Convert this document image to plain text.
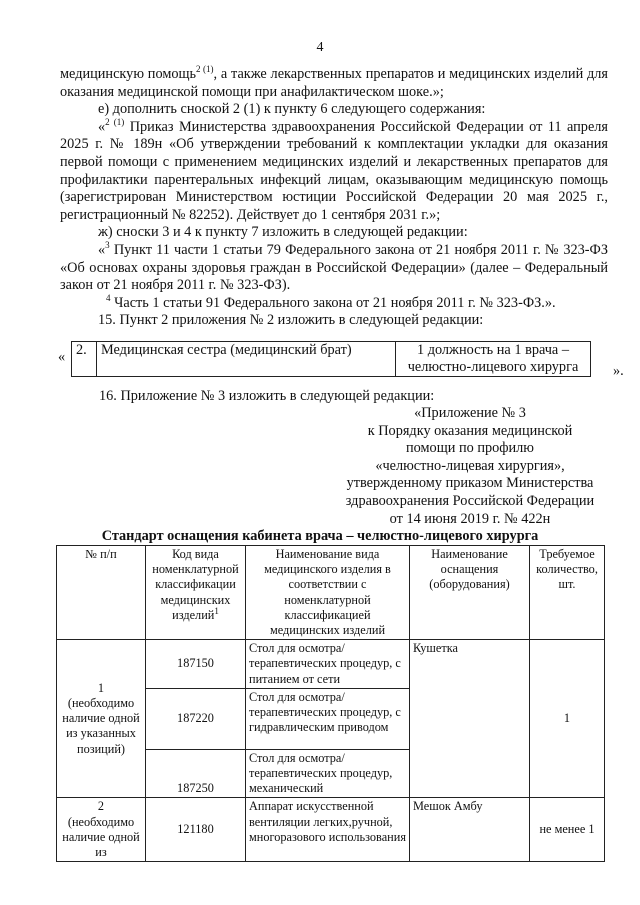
4

медицинскую помощь$^{2 (1)}$, а также лекарственных препаратов и медицинских изделий для оказания медицинской помощи при анафилактическом шоке.»;

е) дополнить сноской 2 (1) к пункту 6 следующего содержания:

«$^{2 (1)}$ Приказ Министерства здравоохранения Российской Федерации от 11 апреля 2025 г. № 189н «Об утверждении требований к комплектации укладки для оказания первой помощи с применением медицинских изделий и лекарственных препаратов для профилактики парентеральных инфекций лицам, оказывающим медицинскую помощь (зарегистрирован Министерством юстиции Российской Федерации 20 мая 2025 г., регистрационный № 82252). Действует до 1 сентября 2031 г.»;

ж) сноски 3 и 4 к пункту 7 изложить в следующей редакции:

«$^3$ Пункт 11 части 1 статьи 79 Федерального закона от 21 ноября 2011 г. № 323-ФЗ «Об основах охраны здоровья граждан в Российской Федерации» (далее – Федеральный закон от 21 ноября 2011 г. № 323-ФЗ).

$^4$ Часть 1 статьи 91 Федерального закона от 21 ноября 2011 г. № 323-ФЗ.».

15. Пункт 2 приложения № 2 изложить в следующей редакции:

« 2.	Медицинская сестра (медицинский брат)	1 должность на 1 врача – челюстно-лицевого хирурга ».
16. Приложение № 3 изложить в следующей редакции:
«Приложение № 3
к Порядку оказания медицинской
помощи по профилю
«челюстно-лицевая хирургия»,
утвержденному приказом Министерства
здравоохранения Российской Федерации
от 14 июня 2019 г. № 422н
Стандарт оснащения кабинета врача – челюстно-лицевого хирурга
№ п/п	Код вида номенклатурной классификации медицинских изделий$^1$	Наименование вида медицинского изделия в соответствии с номенклатурной классификацией медицинских изделий	Наименование оснащения (оборудования)	Требуемое количество, шт.

1
(необходимо наличие одной из указанных позиций)	187150	Стол для осмотра/ терапевтических процедур, с питанием от сети	Кушетка	1
	187220	Стол для осмотра/ терапевтических процедур, с гидравлическим приводом		
	187250	Стол для осмотра/ терапевтических процедур, механический		

2
(необходимо наличие одной из	121180	Аппарат искусственной вентиляции легких,ручной, многоразового использования	Мешок Амбу	не менее 1
